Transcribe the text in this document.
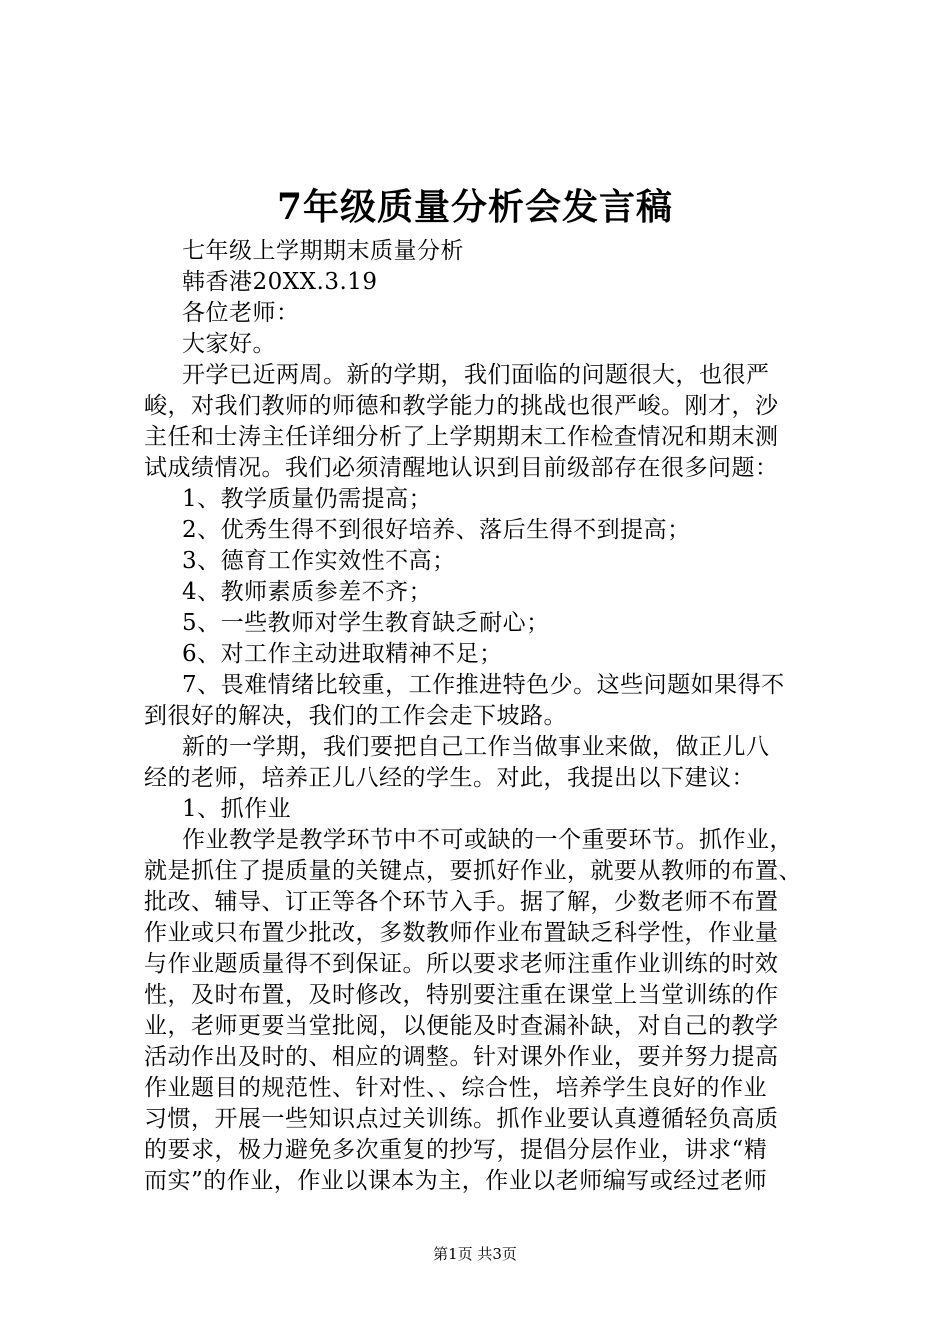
7年级质量分析会发言稿
七年级上学期期末质量分析
韩香港20XX.3.19
各位老师：
大家好。
开学已近两周。新的学期，我们面临的问题很大，也很严
峻，对我们教师的师德和教学能力的挑战也很严峻。刚才，沙
主任和士涛主任详细分析了上学期期末工作检查情况和期末测
试成绩情况。我们必须清醒地认识到目前级部存在很多问题：
1、教学质量仍需提高；
2、优秀生得不到很好培养、落后生得不到提高；
3、德育工作实效性不高；
4、教师素质参差不齐；
5、一些教师对学生教育缺乏耐心；
6、对工作主动进取精神不足；
7、畏难情绪比较重，工作推进特色少。这些问题如果得不
到很好的解决，我们的工作会走下坡路。
新的一学期，我们要把自己工作当做事业来做，做正儿八
经的老师，培养正儿八经的学生。对此，我提出以下建议：
1、抓作业
作业教学是教学环节中不可或缺的一个重要环节。抓作业，
就是抓住了提质量的关键点，要抓好作业，就要从教师的布置、
批改、辅导、订正等各个环节入手。据了解，少数老师不布置
作业或只布置少批改，多数教师作业布置缺乏科学性，作业量
与作业题质量得不到保证。所以要求老师注重作业训练的时效
性，及时布置，及时修改，特别要注重在课堂上当堂训练的作
业，老师更要当堂批阅，以便能及时查漏补缺，对自己的教学
活动作出及时的、相应的调整。针对课外作业，要并努力提高
作业题目的规范性、针对性、、综合性，培养学生良好的作业
习惯，开展一些知识点过关训练。抓作业要认真遵循轻负高质
的要求，极力避免多次重复的抄写，提倡分层作业，讲求“精
而实”的作业，作业以课本为主，作业以老师编写或经过老师
第1页 共3页
